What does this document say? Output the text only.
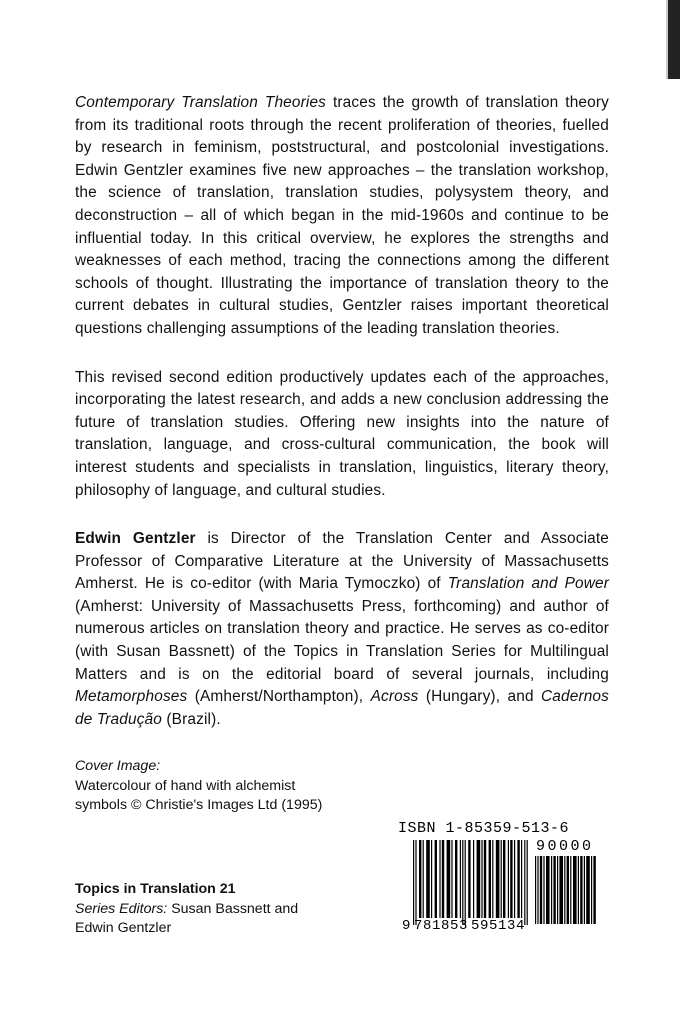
Contemporary Translation Theories traces the growth of translation theory from its traditional roots through the recent proliferation of theories, fuelled by research in feminism, poststructural, and postcolonial investigations. Edwin Gentzler examines five new approaches – the translation workshop, the science of translation, translation studies, polysystem theory, and deconstruction – all of which began in the mid-1960s and continue to be influential today. In this critical overview, he explores the strengths and weaknesses of each method, tracing the connections among the different schools of thought. Illustrating the importance of translation theory to the current debates in cultural studies, Gentzler raises important theoretical questions challenging assumptions of the leading translation theories.

This revised second edition productively updates each of the approaches, incorporating the latest research, and adds a new conclusion addressing the future of translation studies. Offering new insights into the nature of translation, language, and cross-cultural communication, the book will interest students and specialists in translation, linguistics, literary theory, philosophy of language, and cultural studies.

Edwin Gentzler is Director of the Translation Center and Associate Professor of Comparative Literature at the University of Massachusetts Amherst. He is co-editor (with Maria Tymoczko) of Translation and Power (Amherst: University of Massachusetts Press, forthcoming) and author of numerous articles on translation theory and practice. He serves as co-editor (with Susan Bassnett) of the Topics in Translation Series for Multilingual Matters and is on the editorial board of several journals, including Metamorphoses (Amherst/Northampton), Across (Hungary), and Cadernos de Tradução (Brazil).

Cover Image:
Watercolour of hand with alchemist
symbols © Christie's Images Ltd (1995)
Topics in Translation 21
Series Editors: Susan Bassnett and
Edwin Gentzler
ISBN 1-85359-513-6
90000
9 781853 595134
